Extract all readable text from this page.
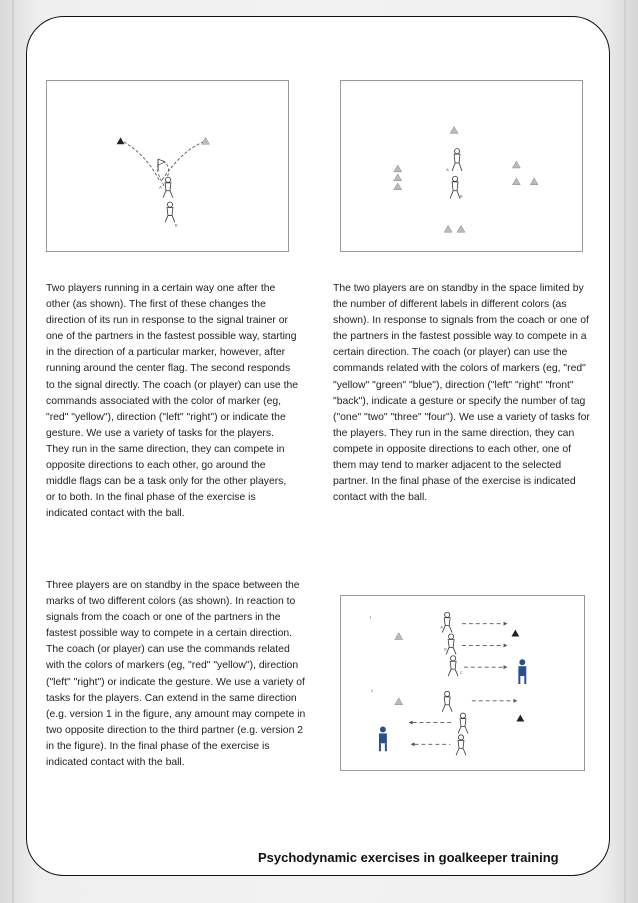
A
B
A
B

Two players running in a certain way one after the other (as shown). The first of these changes the direction of its run in response to the signal trainer or one of the partners in the fastest possible way, starting in the direction of a particular marker, however, after running around the center flag. The second responds to the signal directly. The coach (or player) can use the commands associated with the color of marker (eg, "red" "yellow"), direction ("left" "right") or indicate the gesture. We use a variety of tasks for the players. They run in the same direction, they can compete in opposite directions to each other, go around the middle flags can be a task only for the other players, or to both. In the final phase of the exercise is indicated contact with the ball.

The two players are on standby in the space limited by the number of different labels in different colors (as shown). In response to signals from the coach or one of the partners in the fastest possible way to compete in a certain direction. The coach (or player) can use the commands related with the colors of markers (eg, "red" "yellow" "green" "blue"), direction ("left" "right" "front" "back"), indicate a gesture or specify the number of tag ("one" "two" "three" "four"). We use a variety of tasks for the players. They run in the same direction, they can compete in opposite directions to each other, one of them may tend to marker adjacent to the selected partner. In the final phase of the exercise is indicated contact with the ball.

Three players are on standby in the space between the marks of two different colors (as shown). In reaction to signals from the coach or one of the partners in the fastest possible way to compete in a certain direction. The coach (or player) can use the commands related with the colors of markers (eg, "red" "yellow"), direction ("left" "right") or indicate the gesture. We use a variety of tasks for the players. Can extend in the same direction (e.g. version 1 in the figure, any amount may compete in two opposite direction to the third partner (e.g. version 2 in the figure). In the final phase of the exercise is indicated contact with the ball.

1
2
A
B
C

Psychodynamic exercises in goalkeeper training
